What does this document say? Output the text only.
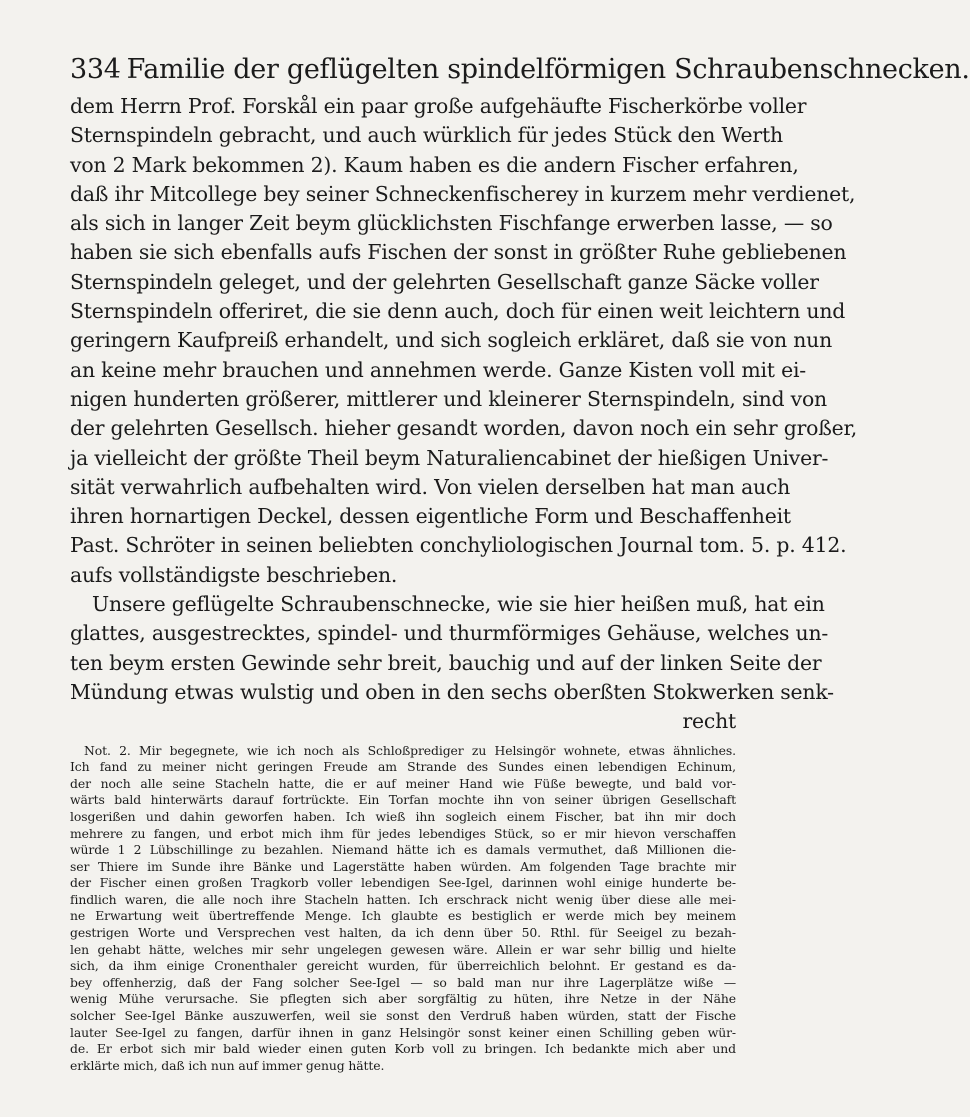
334 Familie der geflügelten spindelförmigen Schraubenschnecken.
dem Herrn Prof. Forskål ein paar große aufgehäufte Fischerkörbe voller
Sternspindeln gebracht, und auch würklich für jedes Stück den Werth
von 2 Mark bekommen 2). Kaum haben es die andern Fischer erfahren,
daß ihr Mitcollege bey seiner Schneckenfischerey in kurzem mehr verdienet,
als sich in langer Zeit beym glücklichsten Fischfange erwerben lasse, — so
haben sie sich ebenfalls aufs Fischen der sonst in größter Ruhe gebliebenen
Sternspindeln geleget, und der gelehrten Gesellschaft ganze Säcke voller
Sternspindeln offeriret, die sie denn auch, doch für einen weit leichtern und
geringern Kaufpreiß erhandelt, und sich sogleich erkläret, daß sie von nun
an keine mehr brauchen und annehmen werde. Ganze Kisten voll mit ei-
nigen hunderten größerer, mittlerer und kleinerer Sternspindeln, sind von
der gelehrten Gesellsch. hieher gesandt worden, davon noch ein sehr großer,
ja vielleicht der größte Theil beym Naturaliencabinet der hießigen Univer-
sität verwahrlich aufbehalten wird. Von vielen derselben hat man auch
ihren hornartigen Deckel, dessen eigentliche Form und Beschaffenheit
Past. Schröter in seinen beliebten conchyliologischen Journal tom. 5. p. 412.
aufs vollständigste beschrieben.
Unsere geflügelte Schraubenschnecke, wie sie hier heißen muß, hat ein
glattes, ausgestrecktes, spindel- und thurmförmiges Gehäuse, welches un-
ten beym ersten Gewinde sehr breit, bauchig und auf der linken Seite der
Mündung etwas wulstig und oben in den sechs oberßten Stokwerken senk-
recht
Not. 2. Mir begegnete, wie ich noch als Schloßprediger zu Helsingör wohnete, etwas ähnliches.
Ich fand zu meiner nicht geringen Freude am Strande des Sundes einen lebendigen Echinum,
der noch alle seine Stacheln hatte, die er auf meiner Hand wie Füße bewegte, und bald vor-
wärts bald hinterwärts darauf fortrückte. Ein Torfan mochte ihn von seiner übrigen Gesellschaft
losgerißen und dahin geworfen haben. Ich wieß ihn sogleich einem Fischer, bat ihn mir doch
mehrere zu fangen, und erbot mich ihm für jedes lebendiges Stück, so er mir hievon verschaffen
würde 1 2 Lübschillinge zu bezahlen. Niemand hätte ich es damals vermuthet, daß Millionen die-
ser Thiere im Sunde ihre Bänke und Lagerstätte haben würden. Am folgenden Tage brachte mir
der Fischer einen großen Tragkorb voller lebendigen See-Igel, darinnen wohl einige hunderte be-
findlich waren, die alle noch ihre Stacheln hatten. Ich erschrack nicht wenig über diese alle mei-
ne Erwartung weit übertreffende Menge. Ich glaubte es bestiglich er werde mich bey meinem
gestrigen Worte und Versprechen vest halten, da ich denn über 50. Rthl. für Seeigel zu bezah-
len gehabt hätte, welches mir sehr ungelegen gewesen wäre. Allein er war sehr billig und hielte
sich, da ihm einige Cronenthaler gereicht wurden, für überreichlich belohnt. Er gestand es da-
bey offenherzig, daß der Fang solcher See-Igel — so bald man nur ihre Lagerplätze wiße —
wenig Mühe verursache. Sie pflegten sich aber sorgfältig zu hüten, ihre Netze in der Nähe
solcher See-Igel Bänke auszuwerfen, weil sie sonst den Verdruß haben würden, statt der Fische
lauter See-Igel zu fangen, darfür ihnen in ganz Helsingör sonst keiner einen Schilling geben wür-
de. Er erbot sich mir bald wieder einen guten Korb voll zu bringen. Ich bedankte mich aber und
erklärte mich, daß ich nun auf immer genug hätte.
